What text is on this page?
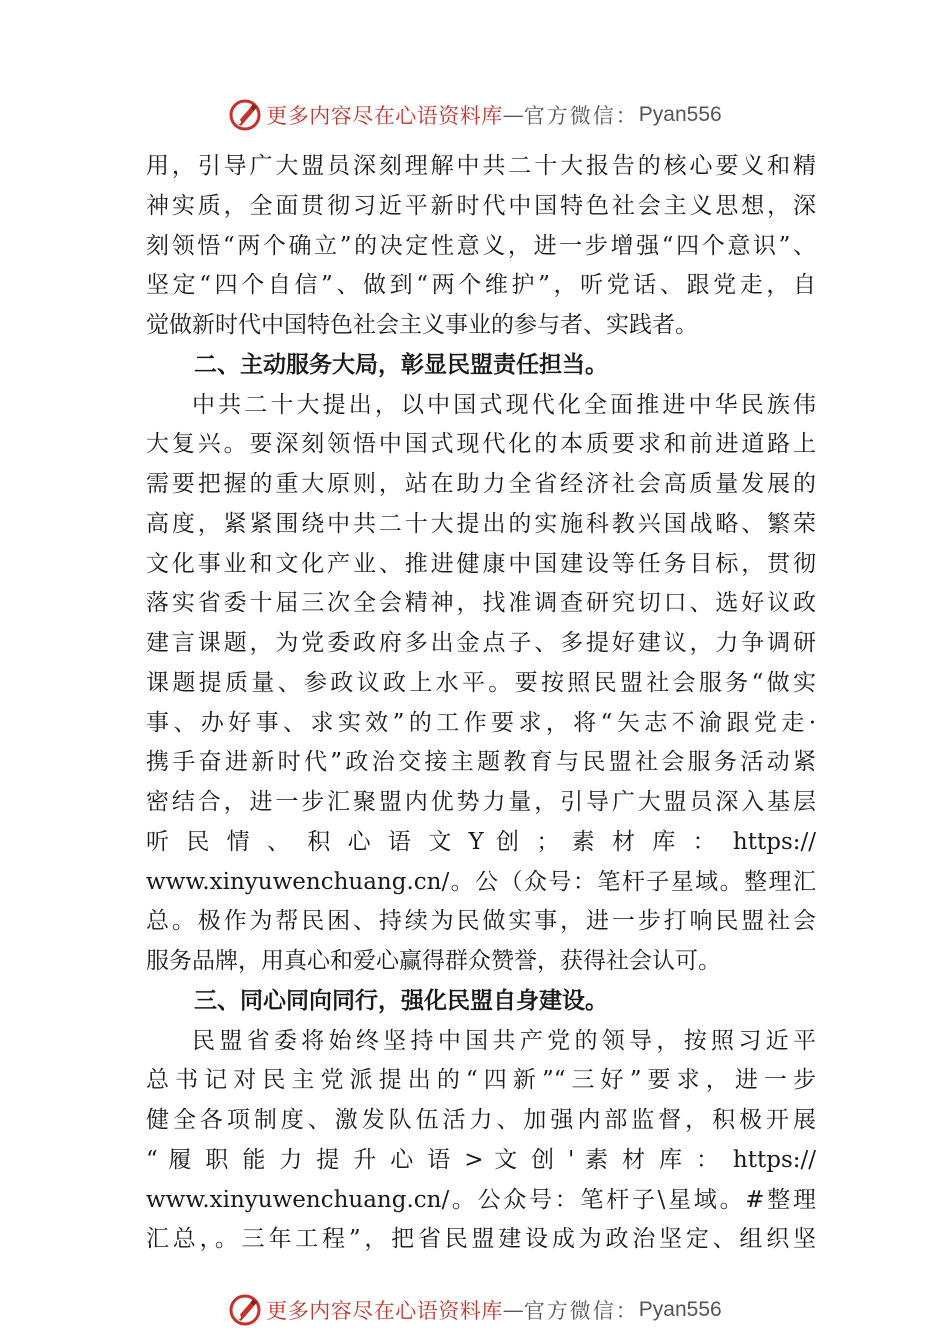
更多内容尽在心语资料库 — 官方微信： Pyan556
用，引导广大盟员深刻理解中共二十大报告的核心要义和精
神实质，全面贯彻习近平新时代中国特色社会主义思想，深
刻领悟“两个确立”的决定性意义，进一步增强“四个意识”、
坚定“四个自信”、做到“两个维护”，听党话、跟党走，自
觉做新时代中国特色社会主义事业的参与者、实践者。
二、主动服务大局，彰显民盟责任担当。
中共二十大提出，以中国式现代化全面推进中华民族伟
大复兴。要深刻领悟中国式现代化的本质要求和前进道路上
需要把握的重大原则，站在助力全省经济社会高质量发展的
高度，紧紧围绕中共二十大提出的实施科教兴国战略、繁荣
文化事业和文化产业、推进健康中国建设等任务目标，贯彻
落实省委十届三次全会精神，找准调查研究切口、选好议政
建言课题，为党委政府多出金点子、多提好建议，力争调研
课题提质量、参政议政上水平。要按照民盟社会服务“做实
事、办好事、求实效”的工作要求，将“矢志不渝跟党走·
携手奋进新时代”政治交接主题教育与民盟社会服务活动紧
密结合，进一步汇聚盟内优势力量，引导广大盟员深入基层
听 民 情 、 积 心 语 文 Y 创 ； 素 材 库 ： https://
www.xinyuwenchuang.cn/。公（众号：笔杆子星域。整理汇
总。极作为帮民困、持续为民做实事，进一步打响民盟社会
服务品牌，用真心和爱心赢得群众赞誉，获得社会认可。
三、同心同向同行，强化民盟自身建设。
民盟省委将始终坚持中国共产党的领导，按照习近平
总书记对民主党派提出的“四新”“三好”要求，进一步
健全各项制度、激发队伍活力、加强内部监督，积极开展
“ 履 职 能 力 提 升 心 语 > 文 创 ' 素 材 库 ： https://
www.xinyuwenchuang.cn/。公众号：笔杆子\星域。#整理
汇总，。三年工程”，把省民盟建设成为政治坚定、组织坚
更多内容尽在心语资料库 — 官方微信： Pyan556
